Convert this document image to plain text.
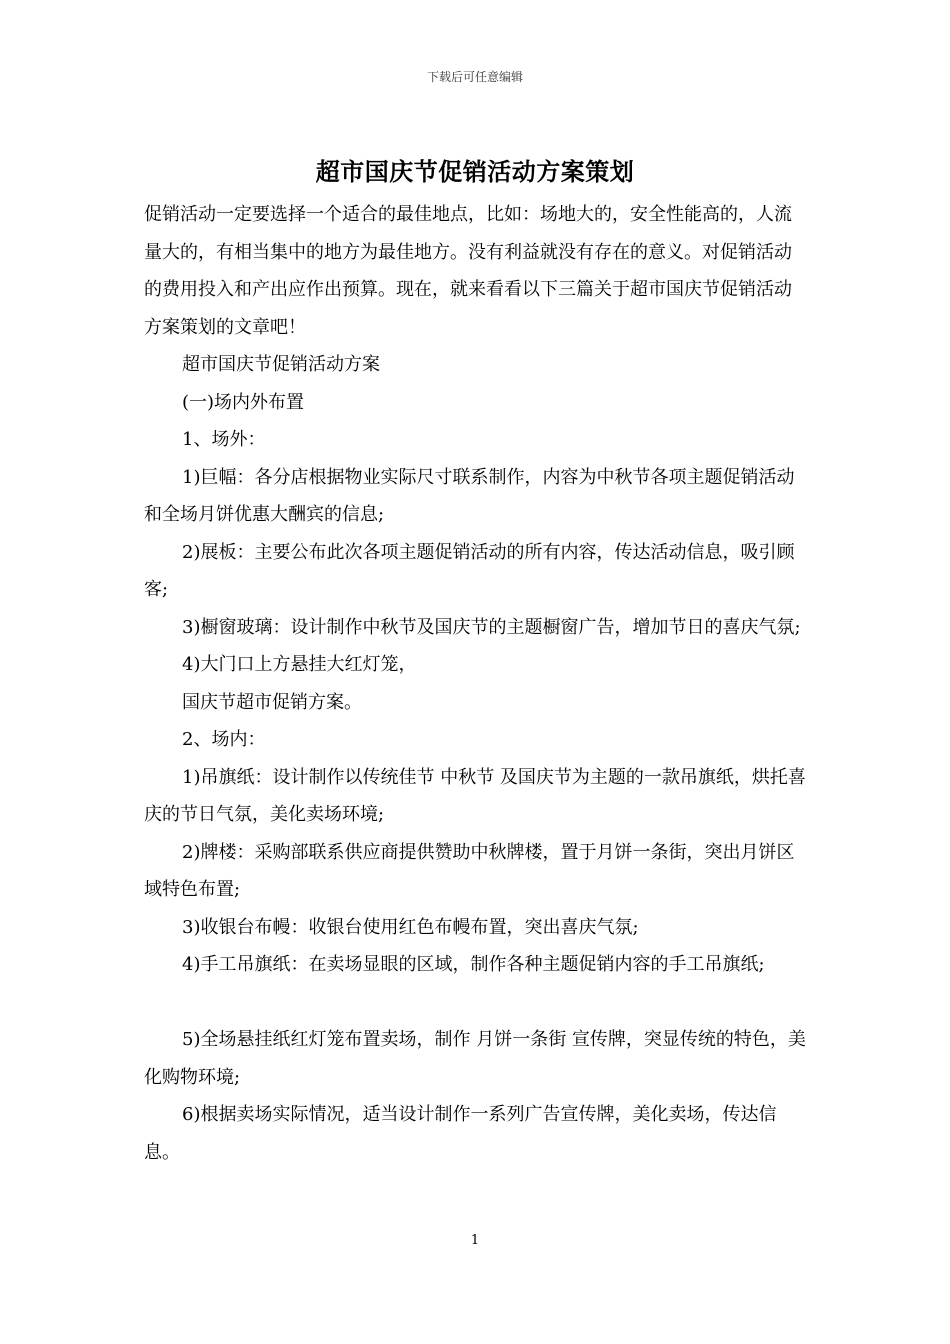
下载后可任意编辑
超市国庆节促销活动方案策划

促销活动一定要选择一个适合的最佳地点，比如：场地大的，安全性能高的，人流量大的，有相当集中的地方为最佳地方。没有利益就没有存在的意义。对促销活动的费用投入和产出应作出预算。现在，就来看看以下三篇关于超市国庆节促销活动方案策划的文章吧！

超市国庆节促销活动方案

(一)场内外布置

1、场外：

1)巨幅：各分店根据物业实际尺寸联系制作，内容为中秋节各项主题促销活动和全场月饼优惠大酬宾的信息;

2)展板：主要公布此次各项主题促销活动的所有内容，传达活动信息，吸引顾客;

3)橱窗玻璃：设计制作中秋节及国庆节的主题橱窗广告，增加节日的喜庆气氛;

4)大门口上方悬挂大红灯笼，

国庆节超市促销方案。

2、场内：

1)吊旗纸：设计制作以传统佳节 中秋节 及国庆节为主题的一款吊旗纸，烘托喜庆的节日气氛，美化卖场环境;

2)牌楼：采购部联系供应商提供赞助中秋牌楼，置于月饼一条街，突出月饼区域特色布置;

3)收银台布幔：收银台使用红色布幔布置，突出喜庆气氛;

4)手工吊旗纸：在卖场显眼的区域，制作各种主题促销内容的手工吊旗纸;

5)全场悬挂纸红灯笼布置卖场，制作 月饼一条街 宣传牌，突显传统的特色，美化购物环境;

6)根据卖场实际情况，适当设计制作一系列广告宣传牌，美化卖场，传达信息。

1
